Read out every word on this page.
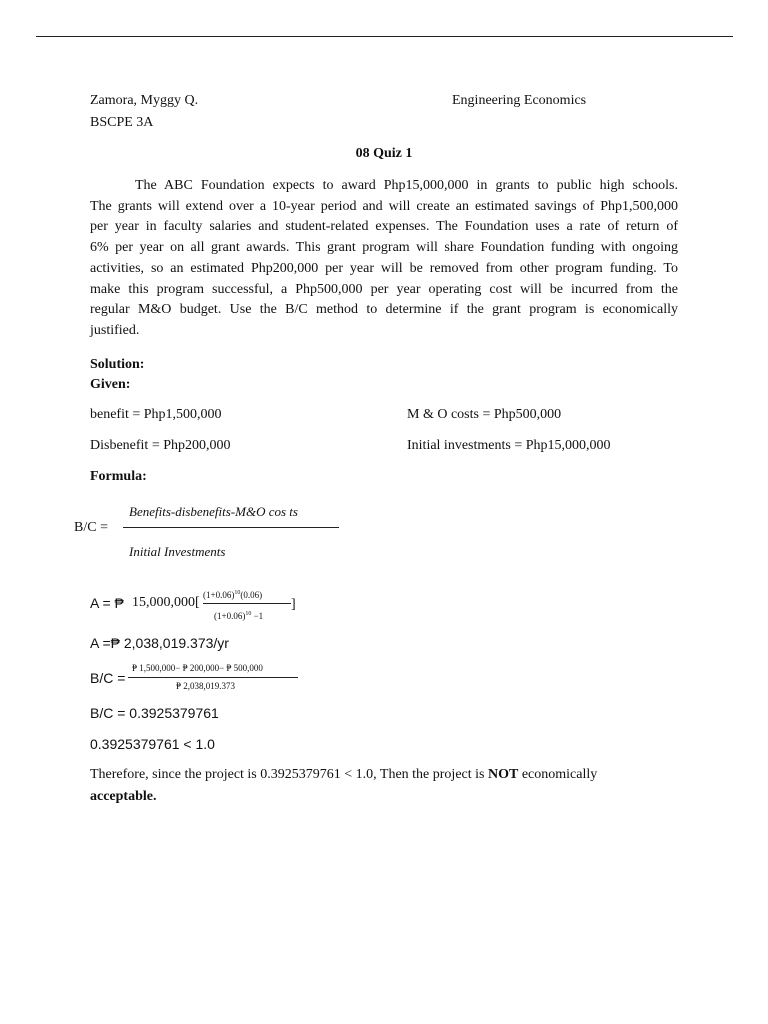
Zamora, Myggy Q.
BSCPE 3A
Engineering Economics
08 Quiz 1
The ABC Foundation expects to award Php15,000,000 in grants to public high schools.
The grants will extend over a 10-year period and will create an estimated savings of Php1,500,000
per year in faculty salaries and student-related expenses. The Foundation uses a rate of return of
6% per year on all grant awards. This grant program will share Foundation funding with ongoing
activities, so an estimated Php200,000 per year will be removed from other program funding. To
make this program successful, a Php500,000 per year operating cost will be incurred from the
regular M&O budget. Use the B/C method to determine if the grant program is economically
justified.
Solution:
Given:
benefit = Php1,500,000	M & O costs = Php500,000
Disbenefit = Php200,000	Initial investments = Php15,000,000
Formula:
B/C =
Benefits-disbenefits-M&O cos ts
Initial Investments
A = ₱ 15,000,000[ $(1+0.06)^{10}(0.06)$
$(1+0.06)^{10} -1$
]
A =₱ 2,038,019.373/yr
B/C =
₱ 1,500,000− ₱ 200,000− ₱ 500,000
₱ 2,038,019.373
B/C = 0.3925379761
0.3925379761 < 1.0
Therefore, since the project is 0.3925379761 < 1.0, Then the project is NOT economically
acceptable.
